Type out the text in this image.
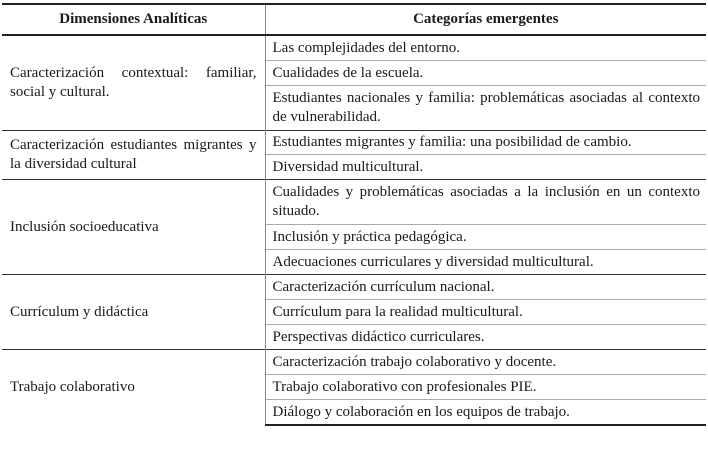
Dimensiones Analíticas	Categorías emergentes
Caracterización contextual: familiar, social y cultural.	Las complejidades del entorno.
	Cualidades de la escuela.
	Estudiantes nacionales y familia: problemáticas asociadas al contexto de vulnerabilidad.
Caracterización estudiantes migrantes y la diversidad cultural	Estudiantes migrantes y familia: una posibilidad de cambio.
	Diversidad multicultural.
Inclusión socioeducativa	Cualidades y problemáticas asociadas a la inclusión en un contexto situado.
	Inclusión y práctica pedagógica.
	Adecuaciones curriculares y diversidad multicultural.
Currículum y didáctica	Caracterización currículum nacional.
	Currículum para la realidad multicultural.
	Perspectivas didáctico curriculares.
Trabajo colaborativo	Caracterización trabajo colaborativo y docente.
	Trabajo colaborativo con profesionales PIE.
	Diálogo y colaboración en los equipos de trabajo.
